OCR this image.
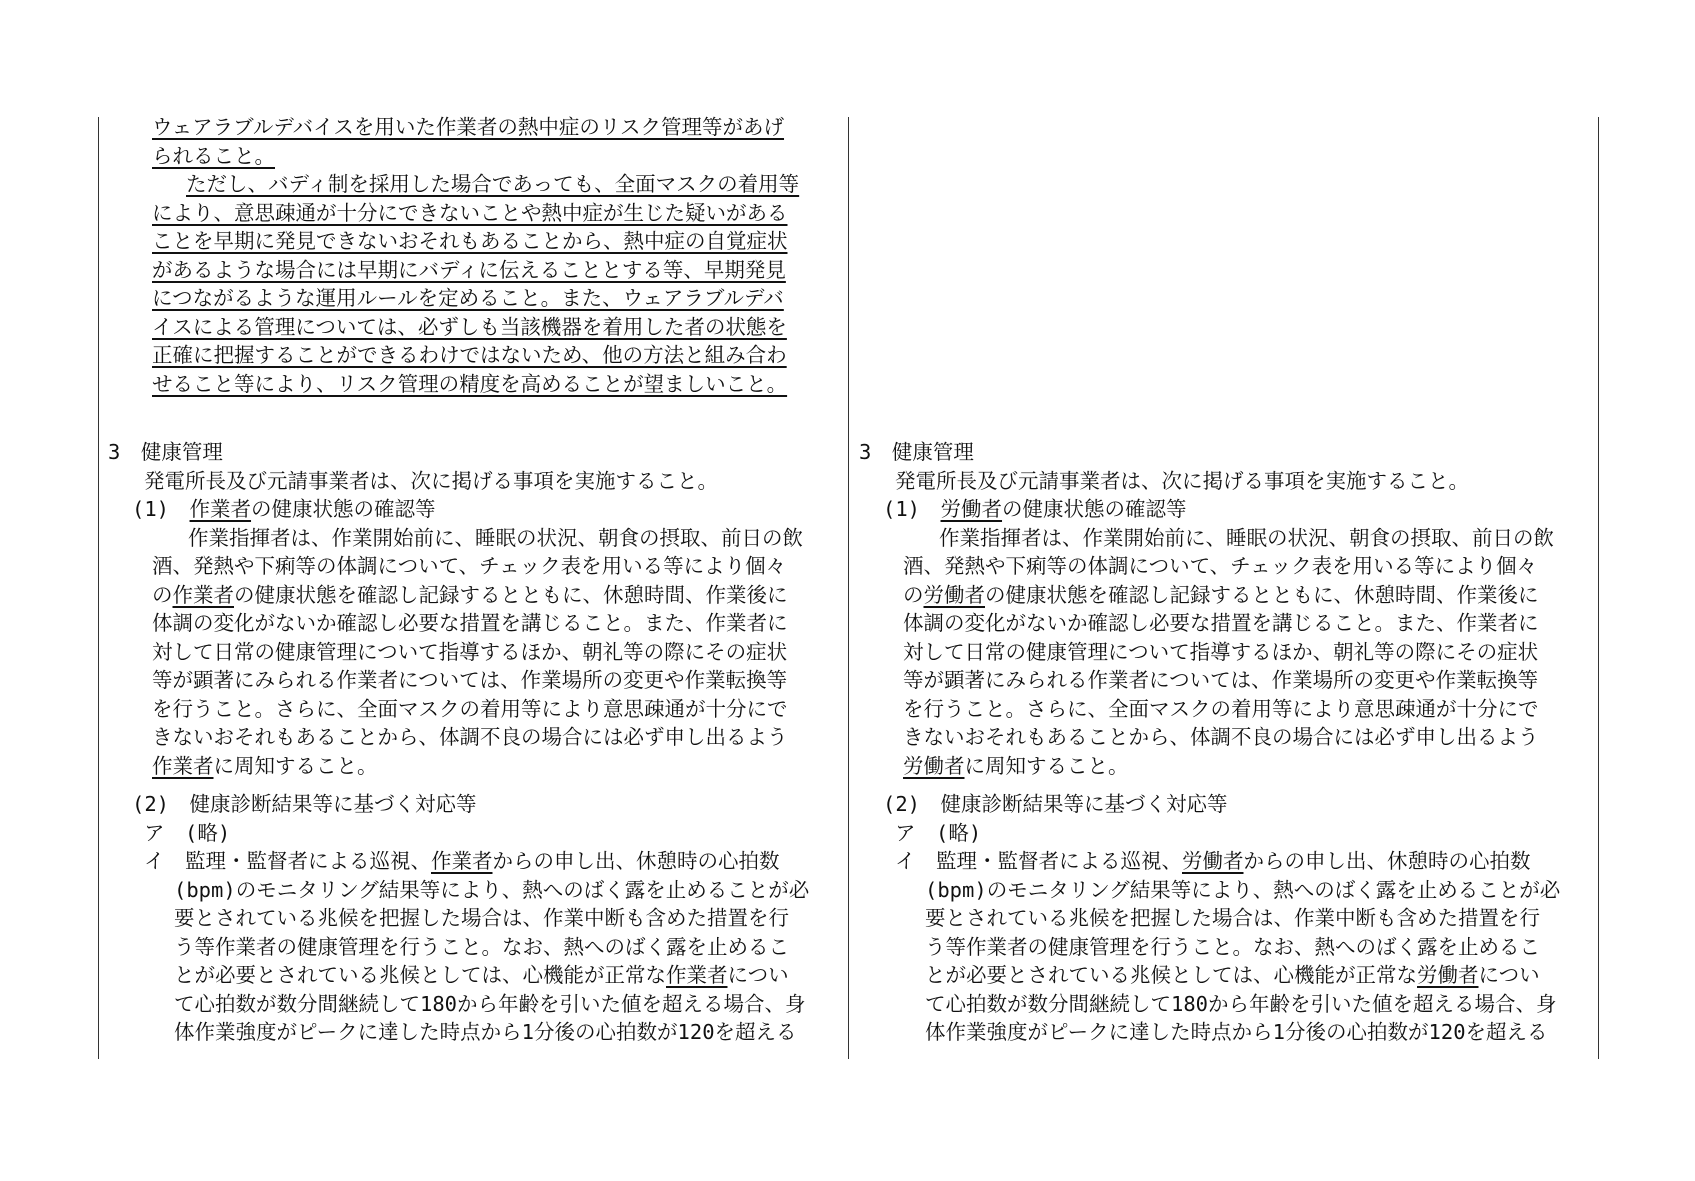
ウェアラブルデバイスを用いた作業者の熱中症のリスク管理等があげ
られること。
ただし、バディ制を採用した場合であっても、全面マスクの着用等
により、意思疎通が十分にできないことや熱中症が生じた疑いがある
ことを早期に発見できないおそれもあることから、熱中症の自覚症状
があるような場合には早期にバディに伝えることとする等、早期発見
につながるような運用ルールを定めること。また、ウェアラブルデバ
イスによる管理については、必ずしも当該機器を着用した者の状態を
正確に把握することができるわけではないため、他の方法と組み合わ
せること等により、リスク管理の精度を高めることが望ましいこと。
3　健康管理
発電所長及び元請事業者は、次に掲げる事項を実施すること。
(1)　 作業者の健康状態の確認等
作業指揮者は、作業開始前に、睡眠の状況、朝食の摂取、前日の飲
酒、発熱や下痢等の体調について、チェック表を用いる等により個々
の作業者の健康状態を確認し記録するとともに、休憩時間、作業後に
体調の変化がないか確認し必要な措置を講じること。また、作業者に
対して日常の健康管理について指導するほか、朝礼等の際にその症状
等が顕著にみられる作業者については、作業場所の変更や作業転換等
を行うこと。さらに、全面マスクの着用等により意思疎通が十分にで
きないおそれもあることから、体調不良の場合には必ず申し出るよう
作業者に周知すること。
(2)　健康診断結果等に基づく対応等
ア　(略)
イ　監理・監督者による巡視、作業者からの申し出、休憩時の心拍数
(bpm)のモニタリング結果等により、熱へのばく露を止めることが必
要とされている兆候を把握した場合は、作業中断も含めた措置を行
う等作業者の健康管理を行うこと。なお、熱へのばく露を止めるこ
とが必要とされている兆候としては、心機能が正常な作業者につい
て心拍数が数分間継続して180から年齢を引いた値を超える場合、身
体作業強度がピークに達した時点から1分後の心拍数が120を超える
3　健康管理
発電所長及び元請事業者は、次に掲げる事項を実施すること。
(1)　 労働者の健康状態の確認等
作業指揮者は、作業開始前に、睡眠の状況、朝食の摂取、前日の飲
酒、発熱や下痢等の体調について、チェック表を用いる等により個々
の労働者の健康状態を確認し記録するとともに、休憩時間、作業後に
体調の変化がないか確認し必要な措置を講じること。また、作業者に
対して日常の健康管理について指導するほか、朝礼等の際にその症状
等が顕著にみられる作業者については、作業場所の変更や作業転換等
を行うこと。さらに、全面マスクの着用等により意思疎通が十分にで
きないおそれもあることから、体調不良の場合には必ず申し出るよう
労働者に周知すること。
(2)　健康診断結果等に基づく対応等
ア　(略)
イ　監理・監督者による巡視、労働者からの申し出、休憩時の心拍数
(bpm)のモニタリング結果等により、熱へのばく露を止めることが必
要とされている兆候を把握した場合は、作業中断も含めた措置を行
う等作業者の健康管理を行うこと。なお、熱へのばく露を止めるこ
とが必要とされている兆候としては、心機能が正常な労働者につい
て心拍数が数分間継続して180から年齢を引いた値を超える場合、身
体作業強度がピークに達した時点から1分後の心拍数が120を超える
